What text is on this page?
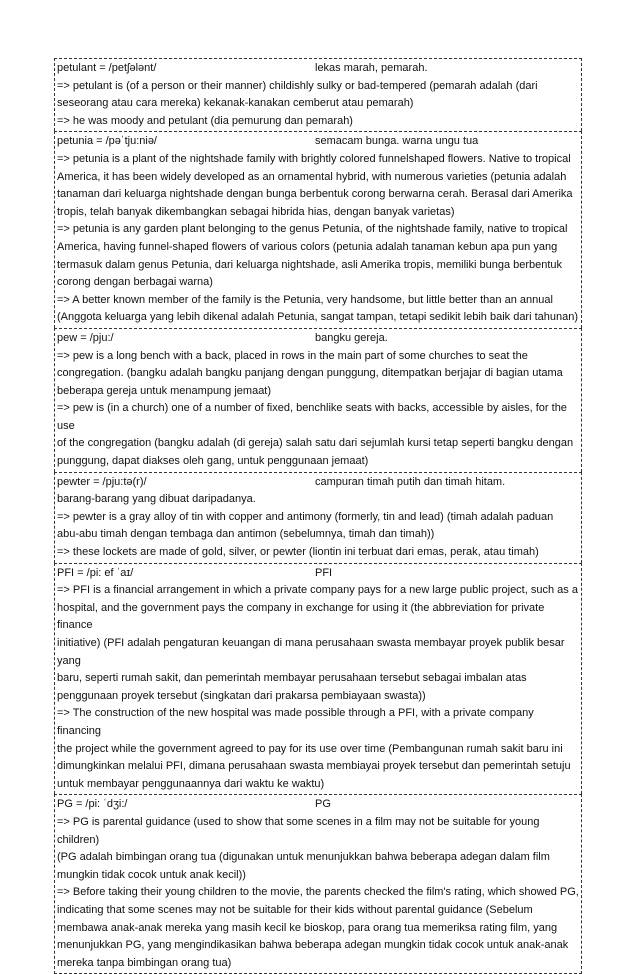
petulant = /petʃələnt/	lekas marah, pemarah.

=> petulant is (of a person or their manner) childishly sulky or bad-tempered (pemarah adalah (dari

seseorang atau cara mereka) kekanak-kanakan cemberut atau pemarah)

=> he was moody and petulant (dia pemurung dan pemarah)

petunia = /pəˈtju:niə/	semacam bunga. warna ungu tua

=> petunia is a plant of the nightshade family with brightly colored funnelshaped flowers. Native to tropical

America, it has been widely developed as an ornamental hybrid, with numerous varieties (petunia adalah

tanaman dari keluarga nightshade dengan bunga berbentuk corong berwarna cerah. Berasal dari Amerika

tropis, telah banyak dikembangkan sebagai hibrida hias, dengan banyak varietas)

=> petunia is any garden plant belonging to the genus Petunia, of the nightshade family, native to tropical

America, having funnel-shaped flowers of various colors (petunia adalah tanaman kebun apa pun yang

termasuk dalam genus Petunia, dari keluarga nightshade, asli Amerika tropis, memiliki bunga berbentuk

corong dengan berbagai warna)

=> A better known member of the family is the Petunia, very handsome, but little better than an annual

(Anggota keluarga yang lebih dikenal adalah Petunia, sangat tampan, tetapi sedikit lebih baik dari tahunan)

pew = /pju:/	bangku gereja.

=> pew is a long bench with a back, placed in rows in the main part of some churches to seat the

congregation. (bangku adalah bangku panjang dengan punggung, ditempatkan berjajar di bagian utama

beberapa gereja untuk menampung jemaat)

=> pew is (in a church) one of a number of fixed, benchlike seats with backs, accessible by aisles, for the use

of the congregation (bangku adalah (di gereja) salah satu dari sejumlah kursi tetap seperti bangku dengan

punggung, dapat diakses oleh gang, untuk penggunaan jemaat)

pewter = /pju:tə(r)/	campuran timah putih dan timah hitam.

barang-barang yang dibuat daripadanya.

=> pewter is a gray alloy of tin with copper and antimony (formerly, tin and lead) (timah adalah paduan

abu-abu timah dengan tembaga dan antimon (sebelumnya, timah dan timah))

=> these lockets are made of gold, silver, or pewter (liontin ini terbuat dari emas, perak, atau timah)

PFI = /pi: ef ˈaɪ/	PFI

=> PFI is a financial arrangement in which a private company pays for a new large public project, such as a

hospital, and the government pays the company in exchange for using it (the abbreviation for private finance

initiative) (PFI adalah pengaturan keuangan di mana perusahaan swasta membayar proyek publik besar yang

baru, seperti rumah sakit, dan pemerintah membayar perusahaan tersebut sebagai imbalan atas

penggunaan proyek tersebut (singkatan dari prakarsa pembiayaan swasta))

=> The construction of the new hospital was made possible through a PFI, with a private company financing

the project while the government agreed to pay for its use over time (Pembangunan rumah sakit baru ini

dimungkinkan melalui PFI, dimana perusahaan swasta membiayai proyek tersebut dan pemerintah setuju

untuk membayar penggunaannya dari waktu ke waktu)

PG = /pi: ˈdʒi:/	PG

=> PG is parental guidance (used to show that some scenes in a film may not be suitable for young children)

(PG adalah bimbingan orang tua (digunakan untuk menunjukkan bahwa beberapa adegan dalam film

mungkin tidak cocok untuk anak kecil))

=> Before taking their young children to the movie, the parents checked the film's rating, which showed PG,

indicating that some scenes may not be suitable for their kids without parental guidance (Sebelum

membawa anak-anak mereka yang masih kecil ke bioskop, para orang tua memeriksa rating film, yang

menunjukkan PG, yang mengindikasikan bahwa beberapa adegan mungkin tidak cocok untuk anak-anak

mereka tanpa bimbingan orang tua)
